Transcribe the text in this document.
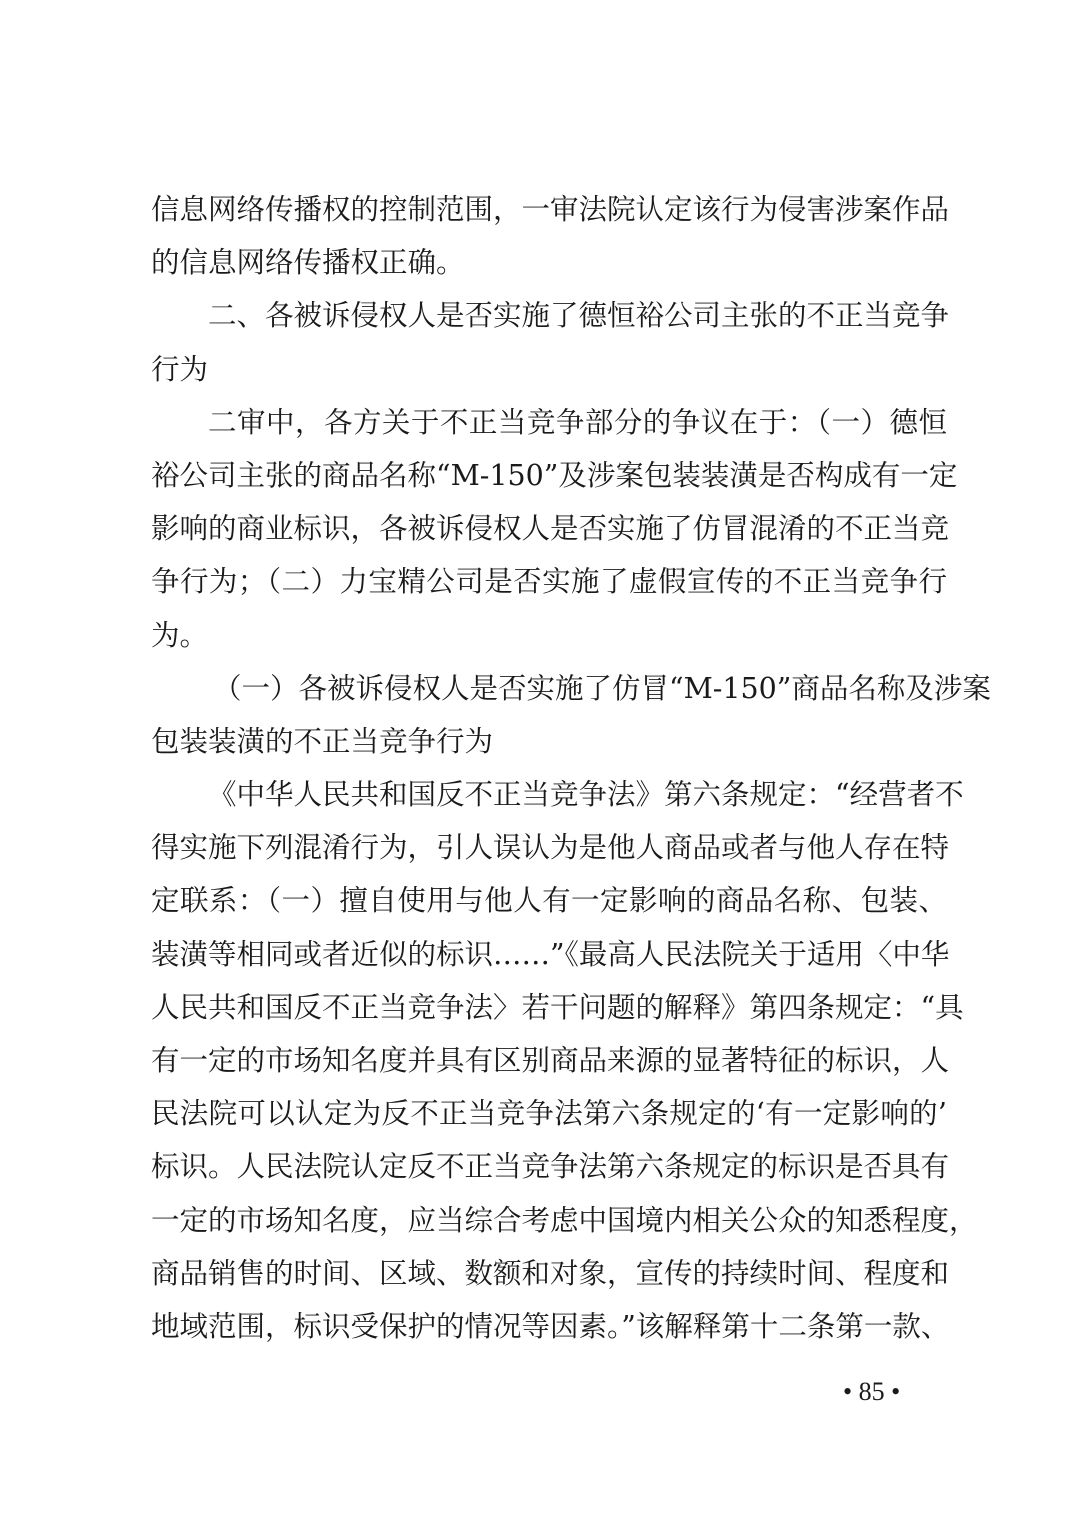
信息网络传播权的控制范围，一审法院认定该行为侵害涉案作品
的信息网络传播权正确。
二、各被诉侵权人是否实施了德恒裕公司主张的不正当竞争
行为
二审中，各方关于不正当竞争部分的争议在于：（一）德恒
裕公司主张的商品名称“M-150”及涉案包装装潢是否构成有一定
影响的商业标识，各被诉侵权人是否实施了仿冒混淆的不正当竞
争行为；（二）力宝精公司是否实施了虚假宣传的不正当竞争行
为。
（一）各被诉侵权人是否实施了仿冒“M-150”商品名称及涉案
包装装潢的不正当竞争行为
《中华人民共和国反不正当竞争法》第六条规定：“经营者不
得实施下列混淆行为，引人误认为是他人商品或者与他人存在特
定联系：（一）擅自使用与他人有一定影响的商品名称、包装、
装潢等相同或者近似的标识……”《最高人民法院关于适用〈中华
人民共和国反不正当竞争法〉若干问题的解释》第四条规定：“具
有一定的市场知名度并具有区别商品来源的显著特征的标识，人
民法院可以认定为反不正当竞争法第六条规定的‘有一定影响的’
标识。人民法院认定反不正当竞争法第六条规定的标识是否具有
一定的市场知名度，应当综合考虑中国境内相关公众的知悉程度，
商品销售的时间、区域、数额和对象，宣传的持续时间、程度和
地域范围，标识受保护的情况等因素。”该解释第十二条第一款、
• 85 •
